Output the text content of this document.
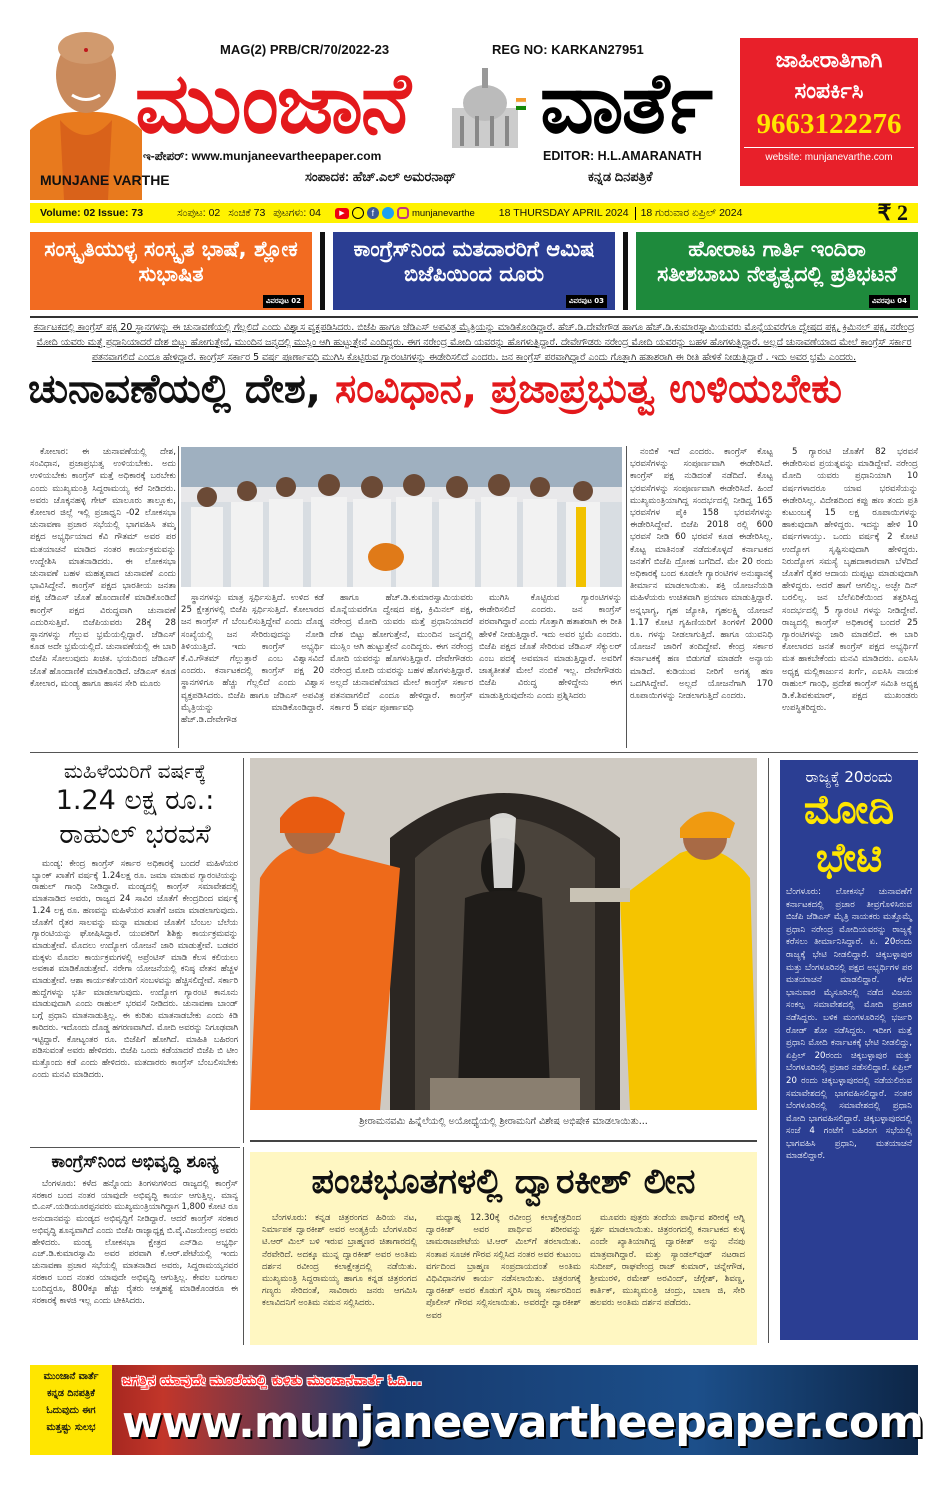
MUNJANE VARTHE
MAG(2) PRB/CR/70/2022-23	REG NO: KARKAN27951
ಮುಂಜಾನೆ ವಾರ್ತೆ
ಇ-ಪೇಪರ್: www.munjaneevartheepaper.com	EDITOR: H.L.AMARANATH
ಸಂಪಾದಕ: ಹೆಚ್.ಎಲ್ ಅಮರನಾಥ್	ಕನ್ನಡ ದಿನಪತ್ರಿಕೆ
ಜಾಹೀರಾತಿಗಾಗಿ
ಸಂಪರ್ಕಿಸಿ
9663122276
website: munjanevarthe.com
Volume: 02 Issue: 73	ಸಂಪುಟ: 02 ಸಂಚಿಕೆ 73 ಪುಟಗಳು: 04	▶	f	munjanevarthe 18 THURSDAY APRIL 2024	18 ಗುರುವಾರ ಏಪ್ರಿಲ್ 2024	₹ 2
ಸಂಸ್ಕೃತಿಯುಳ್ಳ ಸಂಸ್ಕೃತ ಭಾಷೆ, ಶ್ಲೋಕ ಸುಭಾಷಿತ
ವಿವರಪುಟ 02
ಕಾಂಗ್ರೆಸ್‌ನಿಂದ ಮತದಾರರಿಗೆ ಆಮಿಷ ಬಿಜೆಪಿಯಿಂದ ದೂರು
ವಿವರಪುಟ 03
ಹೋರಾಟ ಗಾರ್ತಿ ಇಂದಿರಾ ಸತೀಶಬಾಬು ನೇತೃತ್ವದಲ್ಲಿ ಪ್ರತಿಭಟನೆ
ವಿವರಪುಟ 04
ಕರ್ನಾಟಕದಲ್ಲಿ ಕಾಂಗ್ರೆಸ್ ಪಕ್ಷ 20 ಸ್ಥಾನಗಳನ್ನು ಈ ಚುನಾವಣೆಯಲ್ಲಿ ಗೆಲ್ಲಲಿದೆ ಎಂದು ವಿಶ್ವಾಸ ವ್ಯಕ್ತಪಡಿಸಿದರು. ಬಿಜೆಪಿ ಹಾಗೂ ಜೆಡಿಎಸ್ ಅಪವಿತ್ರ ಮೈತ್ರಿಯನ್ನು ಮಾಡಿಕೊಂಡಿದ್ದಾರೆ. ಹೆಚ್.ಡಿ.ದೇವೇಗೌಡ ಹಾಗೂ ಹೆಚ್.ಡಿ.ಕುಮಾರಸ್ವಾಮಿಯವರು ಮೊನ್ನೆಯವರೆಗೂ ದ್ವೇಷದ ಪಕ್ಷ, ಕ್ರಿಮಿನಲ್ ಪಕ್ಷ, ನರೇಂದ್ರ ಮೋದಿ ಯವರು ಮತ್ತೆ ಪ್ರಧಾನಿಯಾದರೆ ದೇಶ ಬಿಟ್ಟು ಹೋಗುತ್ತೇನೆ, ಮುಂದಿನ ಜನ್ಮದಲ್ಲಿ ಮುಸ್ಲಿಂ ಆಗಿ ಹುಟ್ಟುತ್ತೇನೆ ಎಂದಿದ್ದರು. ಈಗ ನರೇಂದ್ರ ಮೋದಿ ಯವರನ್ನು ಹೊಗಳುತ್ತಿದ್ದಾರೆ. ದೇವೇಗೌಡರು ನರೇಂದ್ರ ಮೋದಿ ಯವರನ್ನು ಬಹಳ ಹೊಗಳುತ್ತಿದ್ದಾರೆ. ಅಲ್ಲದೆ ಚುನಾವಣೆಯಾದ ಮೇಲೆ ಕಾಂಗ್ರೆಸ್ ಸರ್ಕಾರ ಪತನವಾಗಲಿದೆ ಎಂದೂ ಹೇಳಿದ್ದಾರೆ. ಕಾಂಗ್ರೆಸ್ ಸರ್ಕಾರ 5 ವರ್ಷ ಪೂರ್ಣಾವಧಿ ಮುಗಿಸಿ ಕೊಟ್ಟಿರುವ ಗ್ಯಾರಂಟಿಗಳನ್ನು ಈಡೇರಿಸಲಿದೆ ಎಂದರು. ಜನ ಕಾಂಗ್ರೆಸ್ ಪರವಾಗಿದ್ದಾರೆ ಎಂದು ಗೊತ್ತಾಗಿ ಹತಾಶರಾಗಿ ಈ ರೀತಿ ಹೇಳಿಕೆ ನೀಡುತ್ತಿದ್ದಾರೆ . ಇದು ಅವರ ಭ್ರಮೆ ಎಂದರು.
ಚುನಾವಣೆಯಲ್ಲಿ ದೇಶ, ಸಂವಿಧಾನ, ಪ್ರಜಾಪ್ರಭುತ್ವ ಉಳಿಯಬೇಕು

ಕೋಲಾರ: ಈ ಚುನಾವಣೆಯಲ್ಲಿ ದೇಶ, ಸಂವಿಧಾನ, ಪ್ರಜಾಪ್ರಭುತ್ವ ಉಳಿಯಬೇಕು. ಅದು ಉಳಿಯಬೇಕು ಕಾಂಗ್ರೆಸ್ ಮತ್ತೆ ಅಧಿಕಾರಕ್ಕೆ ಬರಬೇಕು ಎಂದು ಮುಖ್ಯಮಂತ್ರಿ ಸಿದ್ದರಾಮಯ್ಯ ಕರೆ ನೀಡಿದರು. ಅವರು ಚೊಕ್ಕನಹಳ್ಳಿ ಗೇಟ್ ಮಾಲೂರು ತಾಲ್ಲೂಕು, ಕೋಲಾರ ಜಿಲ್ಲೆ ಇಲ್ಲಿ ಪ್ರಜಾಧ್ವನಿ -02 ಲೋಕಸಭಾ ಚುನಾವಣಾ ಪ್ರಚಾರ ಸಭೆಯಲ್ಲಿ ಭಾಗವಹಿಸಿ ತಮ್ಮ ಪಕ್ಷದ ಅಭ್ಯರ್ಥಿಯಾದ ಕೆವಿ ಗೌತಮ್ ಅವರ ಪರ ಮತಯಾಚನೆ ಮಾಡಿದ ನಂತರ ಕಾರ್ಯಕ್ರಮವನ್ನು ಉದ್ದೇಶಿಸಿ ಮಾತನಾಡಿದರು. ಈ ಲೋಕಸಭಾ ಚುನಾವಣೆ ಬಹಳ ಮಹತ್ವವಾದ ಚುನಾವಣೆ ಎಂದು ಭಾವಿಸಿದ್ದೇನೆ. ಕಾಂಗ್ರೆಸ್ ಪಕ್ಷದ ಭಾರತೀಯ ಜನತಾ ಪಕ್ಷ ಜೆಡಿಎಸ್ ಜೊತೆ ಹೊಂದಾಣಿಕೆ ಮಾಡಿಕೊಂಡಿದೆ ಕಾಂಗ್ರೆಸ್ ಪಕ್ಷದ ವಿರುದ್ಧವಾಗಿ ಚುನಾವಣೆ ಎದುರಿಸುತ್ತಿವೆ. ಬಿಜೆಪಿಯವರು 28ಕ್ಕೆ 28 ಸ್ಥಾನಗಳನ್ನು ಗೆಲ್ಲುವ ಭ್ರಮೆಯಲ್ಲಿದ್ದಾರೆ. ಜೆಡಿಎಸ್ ಕೂಡ ಅದೇ ಭ್ರಮೆಯಲ್ಲಿದೆ. ಚುನಾವಣೆಯಲ್ಲಿ ಈ ಬಾರಿ ಬಿಜೆಪಿ ಸೋಲುವುದು ಖಚಿತ. ಭಯದಿಂದ ಜೆಡಿಎಸ್ ಜೊತೆ ಹೊಂದಾಣಿಕೆ ಮಾಡಿಕೊಂಡಿದೆ. ಜೆಡಿಎಸ್ ಕೂಡ ಕೋಲಾರ, ಮಂಡ್ಯ ಹಾಗೂ ಹಾಸನ ಸೇರಿ ಮೂರು

ಸ್ಥಾನಗಳನ್ನು ಮಾತ್ರ ಸ್ಪರ್ಧಿಸುತ್ತಿದೆ. ಉಳಿದ ಕಡೆ 25 ಕ್ಷೇತ್ರಗಳಲ್ಲಿ ಬಿಜೆಪಿ ಸ್ಪರ್ಧಿಸುತ್ತಿದೆ. ಕೋಲಾರದ ಜನ ಕಾಂಗ್ರೆಸ್ ಗೆ ಬೆಂಬಲಿಸುತ್ತಿದ್ದೇವೆ ಎಂದು ದೊಡ್ಡ ಸಂಖ್ಯೆಯಲ್ಲಿ ಜನ ಸೇರಿರುವುದನ್ನು ನೋಡಿ ತಿಳಿಯುತ್ತಿದೆ. ಇದು ಕಾಂಗ್ರೆಸ್ ಅಭ್ಯರ್ಥಿ ಕೆ.ವಿ.ಗೌತಮ್ ಗೆಲ್ಲುತ್ತಾರೆ ಎಂಬ ವಿಶ್ವಾಸವಿದೆ ಎಂದರು. ಕರ್ನಾಟಕದಲ್ಲಿ ಕಾಂಗ್ರೆಸ್ ಪಕ್ಷ 20 ಸ್ಥಾನಗಳಿಗೂ ಹೆಚ್ಚು ಗೆಲ್ಲಲಿದೆ ಎಂದು ವಿಶ್ವಾಸ ವ್ಯಕ್ತಪಡಿಸಿದರು. ಬಿಜೆಪಿ ಹಾಗೂ ಜೆಡಿಎಸ್ ಅಪವಿತ್ರ ಮೈತ್ರಿಯನ್ನು ಮಾಡಿಕೊಂಡಿದ್ದಾರೆ. ಹೆಚ್.ಡಿ.ದೇವೇಗೌಡ

ಹಾಗೂ ಹೆಚ್.ಡಿ.ಕುಮಾರಸ್ವಾಮಿಯವರು ಮೊನ್ನೆಯವರೆಗೂ ದ್ವೇಷದ ಪಕ್ಷ, ಕ್ರಿಮಿನಲ್ ಪಕ್ಷ, ನರೇಂದ್ರ ಮೋದಿ ಯವರು ಮತ್ತೆ ಪ್ರಧಾನಿಯಾದರೆ ದೇಶ ಬಿಟ್ಟು ಹೋಗುತ್ತೇನೆ, ಮುಂದಿನ ಜನ್ಮದಲ್ಲಿ ಮುಸ್ಲಿಂ ಆಗಿ ಹುಟ್ಟುತ್ತೇನೆ ಎಂದಿದ್ದರು. ಈಗ ನರೇಂದ್ರ ಮೋದಿ ಯವರನ್ನು ಹೊಗಳುತ್ತಿದ್ದಾರೆ. ದೇವೇಗೌಡರು ನರೇಂದ್ರ ಮೋದಿ ಯವರನ್ನು ಬಹಳ ಹೊಗಳುತ್ತಿದ್ದಾರೆ. ಅಲ್ಲದೆ ಚುನಾವಣೆಯಾದ ಮೇಲೆ ಕಾಂಗ್ರೆಸ್ ಸರ್ಕಾರ ಪತನವಾಗಲಿದೆ ಎಂದೂ ಹೇಳಿದ್ದಾರೆ. ಕಾಂಗ್ರೆಸ್ ಸರ್ಕಾರ 5 ವರ್ಷ ಪೂರ್ಣಾವಧಿ

ಮುಗಿಸಿ ಕೊಟ್ಟಿರುವ ಗ್ಯಾರಂಟಿಗಳನ್ನು ಈಡೇರಿಸಲಿದೆ ಎಂದರು. ಜನ ಕಾಂಗ್ರೆಸ್ ಪರವಾಗಿದ್ದಾರೆ ಎಂದು ಗೊತ್ತಾಗಿ ಹತಾಶರಾಗಿ ಈ ರೀತಿ ಹೇಳಿಕೆ ನೀಡುತ್ತಿದ್ದಾರೆ. ಇದು ಅವರ ಭ್ರಮೆ ಎಂದರು. ಬಿಜೆಪಿ ಪಕ್ಷದ ಜೊತೆ ಸೇರಿರುವ ಜೆಡಿಎಸ್ ಸೆಕ್ಯುಲರ್ ಎಂಬ ಪದಕ್ಕೆ ಅವಮಾನ ಮಾಡುತ್ತಿದ್ದಾರೆ. ಅವರಿಗೆ ಜಾತ್ಯತೀತತೆ ಮೇಲೆ ನಂಬಿಕೆ ಇಲ್ಲ. ದೇವೇಗೌಡರು ಬಿಜೆಪಿ ವಿರುದ್ಧ ಹೇಳಿದ್ದೇನು ಈಗ ಮಾಡುತ್ತಿರುವುದೇನು ಎಂದು ಪ್ರಶ್ನಿಸಿದರು

ನಂಬಿಕೆ ಇದೆ ಎಂದರು. ಕಾಂಗ್ರೆಸ್ ಕೊಟ್ಟ ಭರವಸೆಗಳನ್ನು ಸಂಪೂರ್ಣವಾಗಿ ಈಡೇರಿಸಿದೆ. ಕಾಂಗ್ರೆಸ್ ಪಕ್ಷ ನುಡಿದಂತೆ ನಡೆದಿದೆ. ಕೊಟ್ಟ ಭರವಸೆಗಳನ್ನು ಸಂಪೂರ್ಣವಾಗಿ ಈಡೇರಿಸಿದೆ. ಹಿಂದೆ ಮುಖ್ಯಮಂತ್ರಿಯಾಗಿದ್ದ ಸಂದರ್ಭದಲ್ಲಿ ನೀಡಿದ್ದ 165 ಭರವಸೆಗಳ ಪೈಕಿ 158 ಭರವಸೆಗಳನ್ನು ಈಡೇರಿಸಿದ್ದೇವೆ. ಬಿಜೆಪಿ 2018 ರಲ್ಲಿ 600 ಭರವಸೆ ನೀಡಿ 60 ಭರವಸೆ ಕೂಡ ಈಡೇರಿಸಿಲ್ಲ. ಕೊಟ್ಟ ಮಾತಿನಂತೆ ನಡೆದುಕೊಳ್ಳದೆ ಕರ್ನಾಟಕದ ಜನತೆಗೆ ಬಿಜೆಪಿ ದ್ರೋಹ ಬಗೆದಿದೆ. ಮೇ 20 ರಂದು ಅಧಿಕಾರಕ್ಕೆ ಬಂದ ಕೂಡಲೇ ಗ್ಯಾರಂಟಿಗಳ ಅನುಷ್ಠಾನಕ್ಕೆ ತೀರ್ಮಾನ ಮಾಡಲಾಯಿತು. ಶಕ್ತಿ ಯೋಜನೆಯಡಿ ಮಹಿಳೆಯರು ಉಚಿತವಾಗಿ ಪ್ರಯಾಣ ಮಾಡುತ್ತಿದ್ದಾರೆ. ಅನ್ನಭಾಗ್ಯ, ಗೃಹ ಜ್ಯೋತಿ, ಗೃಹಲಕ್ಷ್ಮಿ ಯೋಜನೆ 1.17 ಕೋಟಿ ಗೃಹಿಣಿಯರಿಗೆ ತಿಂಗಳಿಗೆ 2000 ರೂ. ಗಳನ್ನು ನೀಡಲಾಗುತ್ತಿದೆ. ಹಾಗೂ ಯುವನಿಧಿ ಯೋಜನೆ ಜಾರಿಗೆ ತಂದಿದ್ದೇವೆ. ಕೇಂದ್ರ ಸರ್ಕಾರ ಕರ್ನಾಟಕಕ್ಕೆ ಹಣ ಬಿಡುಗಡೆ ಮಾಡದೇ ಅನ್ಯಾಯ ಮಾಡಿದೆ. ಕುಡಿಯುವ ನೀರಿಗೆ ಅಗತ್ಯ ಹಣ ಒದಗಿಸಿದ್ದೇವೆ. ಅಲ್ಲದೆ ಯೋಜನೆಗಾಗಿ 170 ರೂಪಾಯಿಗಳನ್ನು ನೀಡಲಾಗುತ್ತಿದೆ ಎಂದರು.

5 ಗ್ಯಾರಂಟಿ ಜೊತೆಗೆ 82 ಭರವಸೆ ಈಡೇರಿಸುವ ಪ್ರಯತ್ನವನ್ನು ಮಾಡಿದ್ದೇವೆ. ನರೇಂದ್ರ ಮೋದಿ ಯವರು ಪ್ರಧಾನಿಯಾಗಿ 10 ವರ್ಷಗಳಾದರೂ ಯಾವ ಭರವಸೆಯನ್ನು ಈಡೇರಿಸಿಲ್ಲ. ವಿದೇಶದಿಂದ ಕಪ್ಪು ಹಣ ತಂದು ಪ್ರತಿ ಕುಟುಂಬಕ್ಕೆ 15 ಲಕ್ಷ ರೂಪಾಯಿಗಳನ್ನು ಹಾಕುವುದಾಗಿ ಹೇಳಿದ್ದರು. ಇದನ್ನು ಹೇಳಿ 10 ವರ್ಷಗಳಾಯ್ತು. ಒಂದು ವರ್ಷಕ್ಕೆ 2 ಕೋಟಿ ಉದ್ಯೋಗ ಸೃಷ್ಟಿಸುವುದಾಗಿ ಹೇಳಿದ್ದರು. ನಿರುದ್ಯೋಗ ಸಮಸ್ಯೆ ಬೃಹದಾಕಾರವಾಗಿ ಬೆಳೆದಿದೆ ಜೊತೆಗೆ ರೈತರ ಆದಾಯ ದುಪ್ಪಟ್ಟು ಮಾಡುವುದಾಗಿ ಹೇಳಿದ್ದರು. ಅದರೆ ಹಾಗೆ ಆಗಲಿಲ್ಲ. ಅಚ್ಛೇ ದಿನ್ ಬರಲಿಲ್ಲ. ಜನ ಬೆಲೆಏರಿಕೆಯಿಂದ ತತ್ತರಿಸಿದ್ದ ಸಂದರ್ಭದಲ್ಲಿ 5 ಗ್ಯಾರಂಟಿ ಗಳನ್ನು ನೀಡಿದ್ದೇವೆ. ರಾಜ್ಯದಲ್ಲಿ ಕಾಂಗ್ರೆಸ್ ಅಧಿಕಾರಕ್ಕೆ ಬಂದರೆ 25 ಗ್ಯಾರಂಟಿಗಳನ್ನು ಜಾರಿ ಮಾಡಲಿದೆ. ಈ ಬಾರಿ ಕೋಲಾರದ ಜನತೆ ಕಾಂಗ್ರೆಸ್ ಪಕ್ಷದ ಅಭ್ಯರ್ಥಿಗೆ ಮತ ಹಾಕಬೇಕೆಂದು ಮನವಿ ಮಾಡಿದರು. ಎಐಸಿಸಿ ಅಧ್ಯಕ್ಷ ಮಲ್ಲಿಕಾರ್ಜುನ ಖರ್ಗೆ, ಎಐಸಿಸಿ ನಾಯಕ ರಾಹುಲ್ ಗಾಂಧಿ, ಪ್ರದೇಶ ಕಾಂಗ್ರೆಸ್ ಸಮಿತಿ ಅಧ್ಯಕ್ಷ ಡಿ.ಕೆ.ಶಿವಕುಮಾರ್, ಪಕ್ಷದ ಮುಖಂಡರು ಉಪಸ್ಥಿತರಿದ್ದರು.

ಮಹಿಳೆಯರಿಗೆ ವರ್ಷಕ್ಕೆ
1.24 ಲಕ್ಷ ರೂ.:
ರಾಹುಲ್ ಭರವಸೆ

ಮಂಡ್ಯ: ಕೇಂದ್ರ ಕಾಂಗ್ರೆಸ್ ಸರ್ಕಾರ ಅಧಿಕಾರಕ್ಕೆ ಬಂದರೆ ಮಹಿಳೆಯರ ಬ್ಯಾಂಕ್ ಖಾತೆಗೆ ವರ್ಷಕ್ಕೆ 1.24ಲಕ್ಷ ರೂ. ಜಮಾ ಮಾಡುವ ಗ್ಯಾರಂಟಿಯನ್ನು ರಾಹುಲ್ ಗಾಂಧಿ ನೀಡಿದ್ದಾರೆ. ಮಂಡ್ಯದಲ್ಲಿ ಕಾಂಗ್ರೆಸ್ ಸಮಾವೇಶದಲ್ಲಿ ಮಾತನಾಡಿದ ಅವರು, ರಾಜ್ಯದ 24 ಸಾವಿರ ಜೊತೆಗೆ ಕೇಂದ್ರದಿಂದ ವರ್ಷಕ್ಕೆ 1.24 ಲಕ್ಷ ರೂ. ಹಣವನ್ನು ಮಹಿಳೆಯರ ಖಾತೆಗೆ ಜಮಾ ಮಾಡಲಾಗುವುದು. ಜೊತೆಗೆ ರೈತರ ಸಾಲವನ್ನು ಮನ್ನಾ ಮಾಡುವ ಜೊತೆಗೆ ಬೆಂಬಲ ಬೆಲೆಯ ಗ್ಯಾರಂಟಿಯನ್ನು ಘೋಷಿಸಿದ್ದಾರೆ. ಯುವಕರಿಗೆ ಶಿಶಿಕ್ಷು ಕಾರ್ಯಕ್ರಮವನ್ನು ಮಾಡುತ್ತೇವೆ. ಮೊದಲು ಉದ್ಯೋಗ ಯೋಜನೆ ಜಾರಿ ಮಾಡುತ್ತೇವೆ. ಬಡವರ ಮಕ್ಕಳು ಮೊದಲ ಕಾರ್ಯಕ್ರಮಗಳಲ್ಲಿ ಅಪ್ರೆಂಟಿಸ್ ಮಾಡಿ ಕೆಲಸ ಕಲಿಯಲು ಅವಕಾಶ ಮಾಡಿಕೊಡುತ್ತೇವೆ. ನರೇಗಾ ಯೋಜನೆಯಲ್ಲಿ ಕನಿಷ್ಠ ವೇತನ ಹೆಚ್ಚಳ ಮಾಡುತ್ತೇವೆ. ಆಶಾ ಕಾರ್ಯಕರ್ತೆಯರಿಗೆ ಸಂಬಳವನ್ನು ಹೆಚ್ಚಿಸಲಿದ್ದೇವೆ. ಸರ್ಕಾರಿ ಹುದ್ದೆಗಳನ್ನು ಭರ್ತಿ ಮಾಡಲಾಗುವುದು. ಉದ್ಯೋಗ ಗ್ಯಾರಂಟಿ ಕಾನೂನು ಮಾಡುವುದಾಗಿ ಎಂದು ರಾಹುಲ್ ಭರವಸೆ ನೀಡಿದರು. ಚುನಾವಣಾ ಬಾಂಡ್ ಬಗ್ಗೆ ಪ್ರಧಾನಿ ಮಾತನಾಡುತ್ತಿಲ್ಲ. ಈ ಕುರಿತು ಮಾತನಾಡಬೇಕು ಎಂದು ಕಿಡಿ ಕಾರಿದರು. ಇದೊಂದು ದೊಡ್ಡ ಹಗರಣವಾಗಿದೆ. ಮೋದಿ ಅವರನ್ನು ನಿಗೂಢವಾಗಿ ಇಟ್ಟಿದ್ದಾರೆ. ಕೋಟ್ಯಂತರ ರೂ. ಬಿಜೆಪಿಗೆ ಹೋಗಿದೆ. ಮಾಹಿತಿ ಬಹಿರಂಗ ಪಡಿಸುವಂತೆ ಅವರು ಹೇಳಿದರು. ಬಿಜೆಪಿ ಒಂದು ಕಡೆಯಾದರೆ ಬಿಜೆಪಿ ಬಿ ಟೀಂ ಮತ್ತೊಂದು ಕಡೆ ಎಂದು ಹೇಳಿದರು. ಮತದಾರರು ಕಾಂಗ್ರೆಸ್ ಬೆಂಬಲಿಸಬೇಕು ಎಂದು ಮನವಿ ಮಾಡಿದರು.

ಶ್ರೀರಾಮನವಮಿ ಹಿನ್ನೆಲೆಯಲ್ಲಿ ಅಯೋಧ್ಯೆಯಲ್ಲಿ ಶ್ರೀರಾಮನಿಗೆ ವಿಶೇಷ ಅಭಿಷೇಕ ಮಾಡಲಾಯಿತು...
ರಾಜ್ಯಕ್ಕೆ 20ರಂದು
ಮೋದಿ
ಭೇಟಿ
ಬೆಂಗಳೂರು: ಲೋಕಸಭೆ ಚುನಾವಣೆಗೆ ಕರ್ನಾಟಕದಲ್ಲಿ ಪ್ರಚಾರ ತೀವ್ರಗೊಳಿಸಿರುವ ಬಿಜೆಪಿ ಜೆಡಿಎಸ್ ಮೈತ್ರಿ ನಾಯಕರು ಮತ್ತೊಮ್ಮೆ ಪ್ರಧಾನಿ ನರೇಂದ್ರ ಮೋದಿಯವರನ್ನು ರಾಜ್ಯಕ್ಕೆ ಕರೆಸಲು ತೀರ್ಮಾನಿಸಿದ್ದಾರೆ. ಏ. 20ರಂದು ರಾಜ್ಯಕ್ಕೆ ಭೇಟಿ ನೀಡಲಿದ್ದಾರೆ. ಚಿಕ್ಕಬಳ್ಳಾಪುರ ಮತ್ತು ಬೆಂಗಳೂರಿನಲ್ಲಿ ಪಕ್ಷದ ಅಭ್ಯರ್ಥಿಗಳ ಪರ ಮತಯಾಚನೆ ಮಾಡಲಿದ್ದಾರೆ. ಕಳೆದ ಭಾನುವಾರ ಮೈಸೂರಿನಲ್ಲಿ ನಡೆದ ವಿಜಯ ಸಂಕಲ್ಪ ಸಮಾವೇಶದಲ್ಲಿ ಮೋದಿ ಪ್ರಚಾರ ನಡೆಸಿದ್ದರು. ಬಳಿಕ ಮಂಗಳೂರಿನಲ್ಲಿ ಭರ್ಜರಿ ರೋಡ್ ಶೋ ನಡೆಸಿದ್ದರು. ಇದೀಗ ಮತ್ತೆ ಪ್ರಧಾನಿ ಮೋದಿ ಕರ್ನಾಟಕಕ್ಕೆ ಭೇಟಿ ನೀಡಲಿದ್ದು, ಏಪ್ರಿಲ್ 20ರಂದು ಚಿಕ್ಕಬಳ್ಳಾಪುರ ಮತ್ತು ಬೆಂಗಳೂರಿನಲ್ಲಿ ಪ್ರಚಾರ ನಡೆಸಲಿದ್ದಾರೆ. ಏಪ್ರಿಲ್ 20 ರಂದು ಚಿಕ್ಕಬಳ್ಳಾಪುರದಲ್ಲಿ ನಡೆಯಲಿರುವ ಸಮಾವೇಶದಲ್ಲಿ ಭಾಗವಹಿಸಲಿದ್ದಾರೆ. ನಂತರ ಬೆಂಗಳೂರಿನಲ್ಲಿ ಸಮಾವೇಶದಲ್ಲಿ ಪ್ರಧಾನಿ ಮೋದಿ ಭಾಗವಹಿಸಲಿದ್ದಾರೆ. ಚಿಕ್ಕಬಳ್ಳಾಪುರದಲ್ಲಿ ಸಂಜೆ 4 ಗಂಟೆಗೆ ಬಹಿರಂಗ ಸಭೆಯಲ್ಲಿ ಭಾಗವಹಿಸಿ ಪ್ರಧಾನಿ, ಮತಯಾಚನೆ ಮಾಡಲಿದ್ದಾರೆ.
ಕಾಂಗ್ರೆಸ್‌ನಿಂದ ಅಭಿವೃದ್ಧಿ ಶೂನ್ಯ

ಬೆಂಗಳೂರು: ಕಳೆದ ಹನ್ನೊಂದು ತಿಂಗಳುಗಳಿಂದ ರಾಜ್ಯದಲ್ಲಿ ಕಾಂಗ್ರೆಸ್ ಸರಕಾರ ಬಂದ ನಂತರ ಯಾವುದೇ ಅಭಿವೃದ್ಧಿ ಕಾರ್ಯ ಆಗುತ್ತಿಲ್ಲ. ಮಾನ್ಯ ಬಿ.ಎಸ್.ಯಡಿಯೂರಪ್ಪನವರು ಮುಖ್ಯಮಂತ್ರಿಯಾಗಿದ್ದಾಗ 1,800 ಕೋಟಿ ರೂ ಅನುದಾನವನ್ನು ಮಂಡ್ಯದ ಅಭಿವೃದ್ಧಿಗೆ ನೀಡಿದ್ದಾರೆ. ಆದರೆ ಕಾಂಗ್ರೆಸ್ ಸರಕಾರ ಅಭಿವೃದ್ಧಿ ಶೂನ್ಯವಾಗಿದೆ ಎಂದು ಬಿಜೆಪಿ ರಾಜ್ಯಾಧ್ಯಕ್ಷ ಬಿ.ವೈ.ವಿಜಯೇಂದ್ರ ಅವರು ಹೇಳಿದರು. ಮಂಡ್ಯ ಲೋಕಸಭಾ ಕ್ಷೇತ್ರದ ಎನ್‍ಡಿಎ ಅಭ್ಯರ್ಥಿ ಎಚ್.ಡಿ.ಕುಮಾರಸ್ವಾಮಿ ಅವರ ಪರವಾಗಿ ಕೆ.ಆರ್.ಪೇಟೆಯಲ್ಲಿ ಇಂದು ಚುನಾವಣಾ ಪ್ರಚಾರ ಸಭೆಯಲ್ಲಿ ಮಾತನಾಡಿದ ಅವರು, ಸಿದ್ದರಾಮಯ್ಯನವರ ಸರಕಾರ ಬಂದ ನಂತರ ಯಾವುದೇ ಅಭಿವೃದ್ಧಿ ಆಗುತ್ತಿಲ್ಲ. ಕೇವಲ ಬರಗಾಲ ಬಂದಿದ್ದರೂ, 800ಕ್ಕೂ ಹೆಚ್ಚು ರೈತರು ಆತ್ಮಹತ್ಯೆ ಮಾಡಿಕೊಂಡರೂ ಈ ಸರಕಾರಕ್ಕೆ ಕಾಳಜಿ ಇಲ್ಲ ಎಂದು ಟೀಕಿಸಿದರು.

ಪಂಚಭೂತಗಳಲ್ಲಿ ದ್ವಾರಕೀಶ್ ಲೀನ

ಬೆಂಗಳೂರು: ಕನ್ನಡ ಚಿತ್ರರಂಗದ ಹಿರಿಯ ನಟ, ನಿರ್ಮಾಪಕ ದ್ವಾರಕೀಶ್ ಅವರ ಅಂತ್ಯಕ್ರಿಯೆ ಬೆಂಗಳೂರಿನ ಟಿ.ಆರ್ ಮಿಲ್ ಬಳಿ ಇರುವ ಬ್ರಾಹ್ಮಣರ ಚಿತಾಗಾರದಲ್ಲಿ ನೆರವೇರಿದೆ. ಅದಕ್ಕೂ ಮುನ್ನ ದ್ವಾರಕೀಶ್ ಅವರ ಅಂತಿಮ ದರ್ಶನ ರವೀಂದ್ರ ಕಲಾಕ್ಷೇತ್ರದಲ್ಲಿ ನಡೆಯಿತು. ಮುಖ್ಯಮಂತ್ರಿ ಸಿದ್ದರಾಮಯ್ಯ ಹಾಗೂ ಕನ್ನಡ ಚಿತ್ರರಂಗದ ಗಣ್ಯರು ಸೇರಿದಂತೆ, ಸಾವಿರಾರು ಜನರು ಆಗಮಿಸಿ ಕಲಾವಿದನಿಗೆ ಅಂತಿಮ ನಮನ ಸಲ್ಲಿಸಿದರು.

ಮಧ್ಯಾಹ್ನ 12.30ಕ್ಕೆ ರವೀಂದ್ರ ಕಲಾಕ್ಷೇತ್ರದಿಂದ ದ್ವಾರಕೀಶ್ ಅವರ ಪಾರ್ಥಿವ ಶರೀರವನ್ನು ಚಾಮರಾಜಪೇಟೆಯ ಟಿ.ಆರ್ ಮಿಲ್‌ಗೆ ತರಲಾಯಿತು. ಸಂತಾಪ ಸೂಚಕ ಗೌರವ ಸಲ್ಲಿಸಿದ ನಂತರ ಅವರ ಕುಟುಂಬ ವರ್ಗದಿಂದ ಬ್ರಾಹ್ಮಣ ಸಂಪ್ರದಾಯದಂತೆ ಅಂತಿಮ ವಿಧಿವಿಧಾನಗಳ ಕಾರ್ಯ ನಡೆಸಲಾಯಿತು. ಚಿತ್ರರಂಗಕ್ಕೆ ದ್ವಾರಕೀಶ್ ಅವರ ಕೊಡುಗೆ ಸ್ಮರಿಸಿ ರಾಜ್ಯ ಸರ್ಕಾರದಿಂದ ಪೊಲೀಸ್ ಗೌರವ ಸಲ್ಲಿಸಲಾಯಿತು. ಅವರದ್ದೇ ದ್ವಾರಕೀಶ್ ಅವರ

ಮೂವರು ಪುತ್ರರು ತಂದೆಯ ಪಾರ್ಥಿವ ಶರೀರಕ್ಕೆ ಅಗ್ನಿ ಸ್ಪರ್ಶ ಮಾಡಲಾಯಿತು. ಚಿತ್ರರಂಗದಲ್ಲಿ ಕರ್ನಾಟಕದ ಕುಳ್ಳ ಎಂದೇ ಖ್ಯಾತಿಯಾಗಿದ್ದ ದ್ವಾರಕೀಶ್ ಅನ್ನು ನೆನಪು ಮಾತ್ರವಾಗಿದ್ದಾರೆ. ಮತ್ತು ಸ್ಯಾಂಡಲ್‌ವುಡ್ ನಟರಾದ ಸುದೀಪ್, ರಾಘವೇಂದ್ರ ರಾಜ್ ಕುಮಾರ್, ಚನ್ನೇಗೌಡ, ಶ್ರೀಮುರಳಿ, ರಮೇಶ್ ಅರವಿಂದ್, ಜೆಗ್ಗೇಶ್, ಶಿವಣ್ಣ, ಕಾರ್ತಿಕ್, ಮುಖ್ಯಮಂತ್ರಿ ಚಂದ್ರು, ಬಾಲಾ ಜಿ, ಸೇರಿ ಹಲವರು ಅಂತಿಮ ದರ್ಶನ ಪಡೆದರು.

ಮುಂಜಾನೆ ವಾರ್ತೆ ಕನ್ನಡ ದಿನಪತ್ರಿಕೆ ಓದುವುದು ಈಗ ಮತ್ತಷ್ಟು ಸುಲಭ
ಜಗತ್ತಿನ ಯಾವುದೇ ಮೂಲೆಯಲ್ಲಿ ಕುಳಿತು ಮುಂಜಾನೆವಾರ್ತೆ ಓದಿ...
www.munjaneevartheepaper.com
